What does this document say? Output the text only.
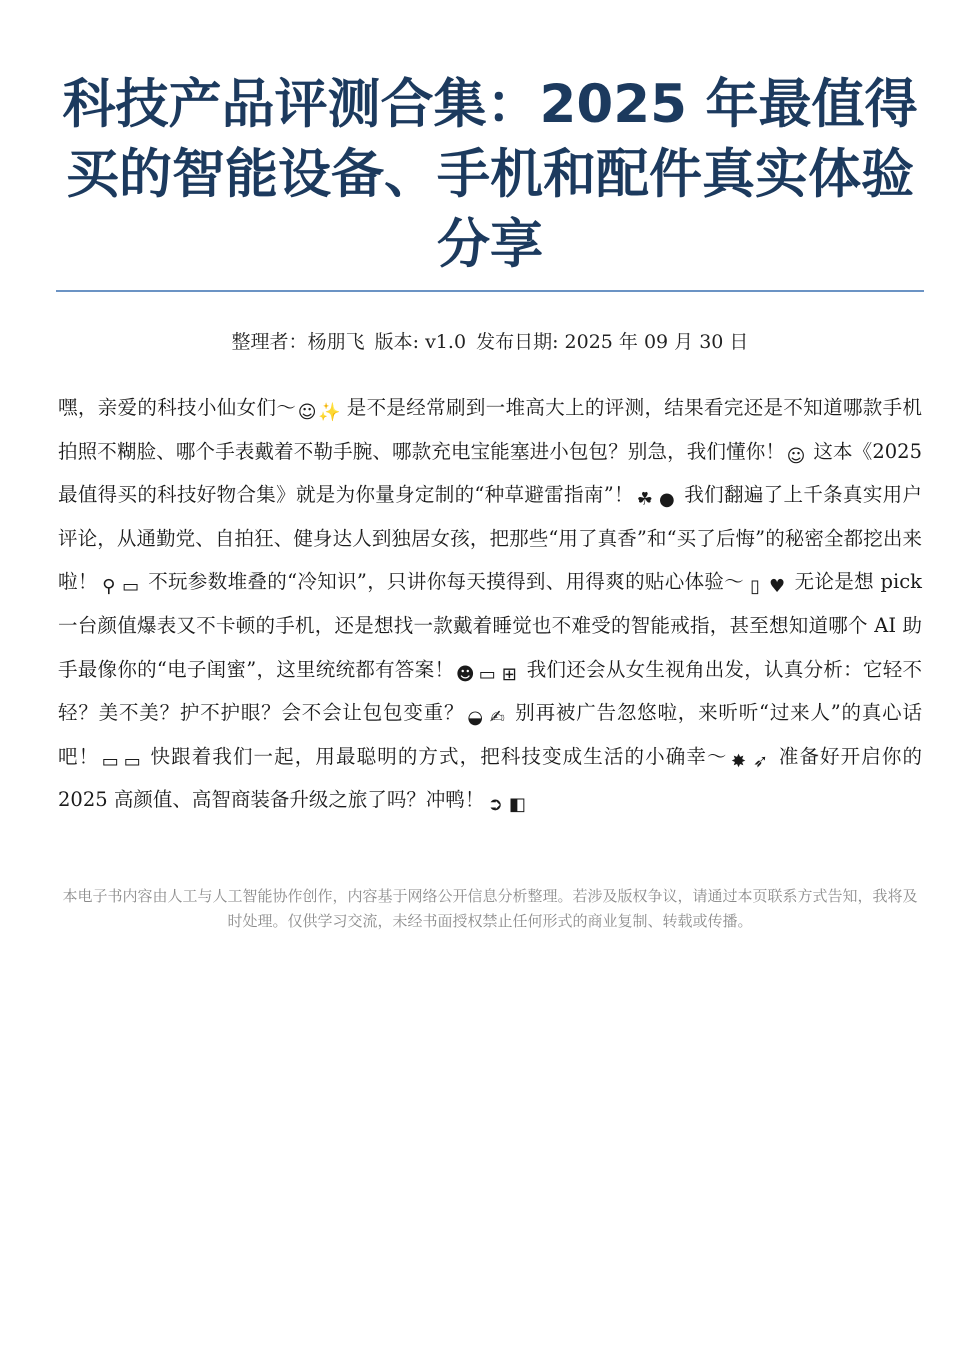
科技产品评测合集：2025 年最值得买的智能设备、手机和配件真实体验分享
整理者：杨朋飞 版本: v1.0 发布日期: 2025 年 09 月 30 日

嘿，亲爱的科技小仙女们～☺✨ 是不是经常刷到一堆高大上的评测，结果看完还是不知道哪款手机拍照不糊脸、哪个手表戴着不勒手腕、哪款充电宝能塞进小包包？别急，我们懂你！☺ 这本《2025 最值得买的科技好物合集》就是为你量身定制的“种草避雷指南”！ ☘ ● 我们翻遍了上千条真实用户评论，从通勤党、自拍狂、健身达人到独居女孩，把那些“用了真香”和“买了后悔”的秘密全都挖出来啦！ ⚲ ▭ 不玩参数堆叠的“冷知识”，只讲你每天摸得到、用得爽的贴心体验～ ▯ ♥ 无论是想 pick 一台颜值爆表又不卡顿的手机，还是想找一款戴着睡觉也不难受的智能戒指，甚至想知道哪个 AI 助手最像你的“电子闺蜜”，这里统统都有答案！☻ ▭ ⊞ 我们还会从女生视角出发，认真分析：它轻不轻？美不美？护不护眼？会不会让包包变重？ ◒ ✍ 别再被广告忽悠啦，来听听“过来人”的真心话吧！ ▭ ▭ 快跟着我们一起，用最聪明的方式，把科技变成生活的小确幸～ ✸ ➶ 准备好开启你的 2025 高颜值、高智商装备升级之旅了吗？冲鸭！ ➲ ◧

本电子书内容由人工与人工智能协作创作，内容基于网络公开信息分析整理。若涉及版权争议，请通过本页联系方式告知，我将及时处理。仅供学习交流，未经书面授权禁止任何形式的商业复制、转载或传播。
